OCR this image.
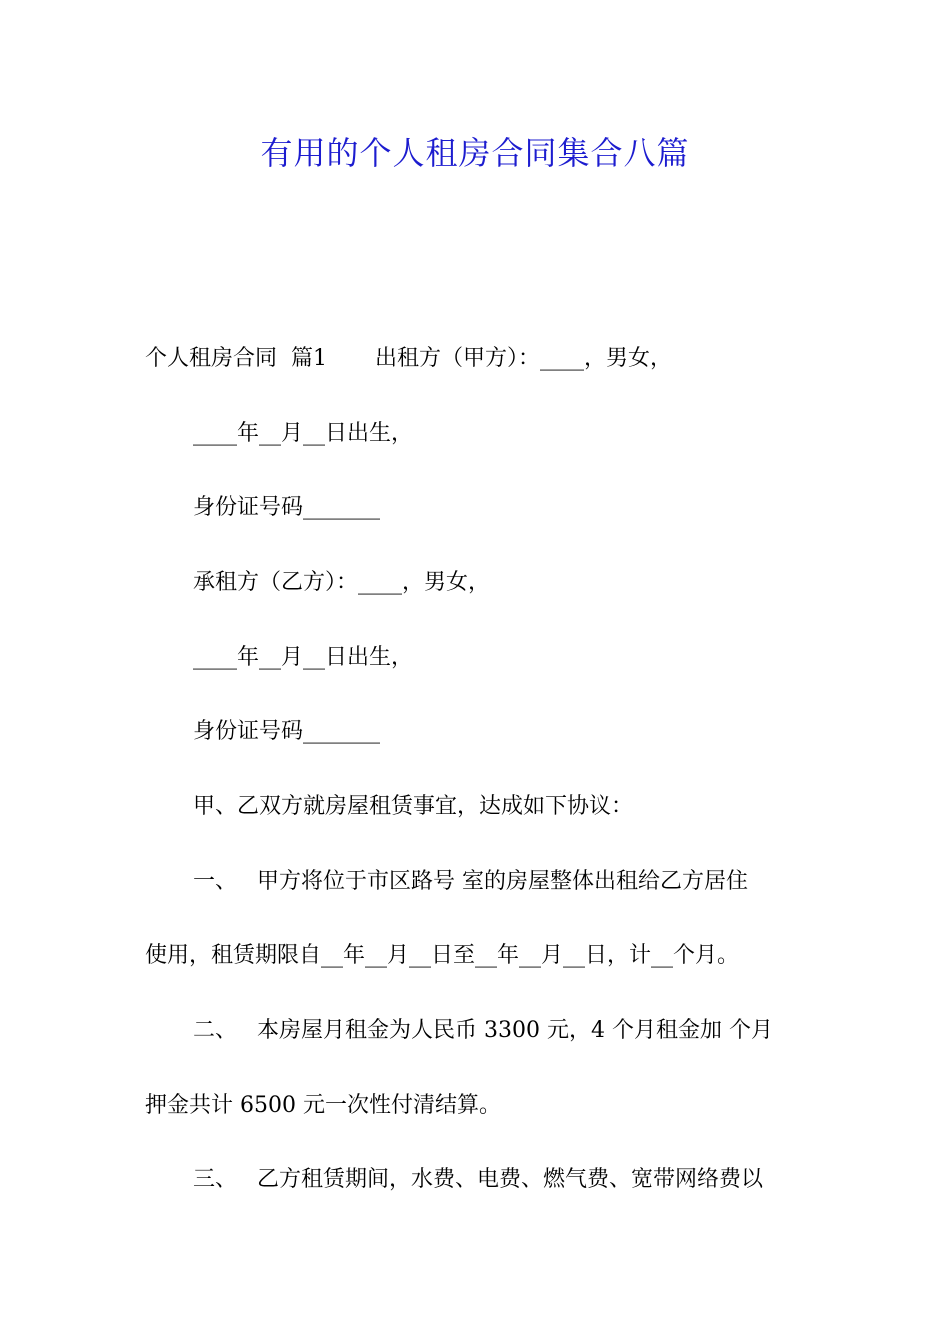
有用的个人租房合同集合八篇

个人租房合同  篇1 出租方（甲方）：____，男女，

____年__月__日出生，

身份证号码_______

承租方（乙方）：____，男女，

____年__月__日出生，

身份证号码_______

甲、乙双方就房屋租赁事宜，达成如下协议：

一、 甲方将位于市区路号 室的房屋整体出租给乙方居住

使用，租赁期限自__年__月__日至__年__月__日，计__个月。

二、 本房屋月租金为人民币 3300 元，4 个月租金加 个月

押金共计 6500 元一次性付清结算。

三、 乙方租赁期间，水费、电费、燃气费、宽带网络费以
